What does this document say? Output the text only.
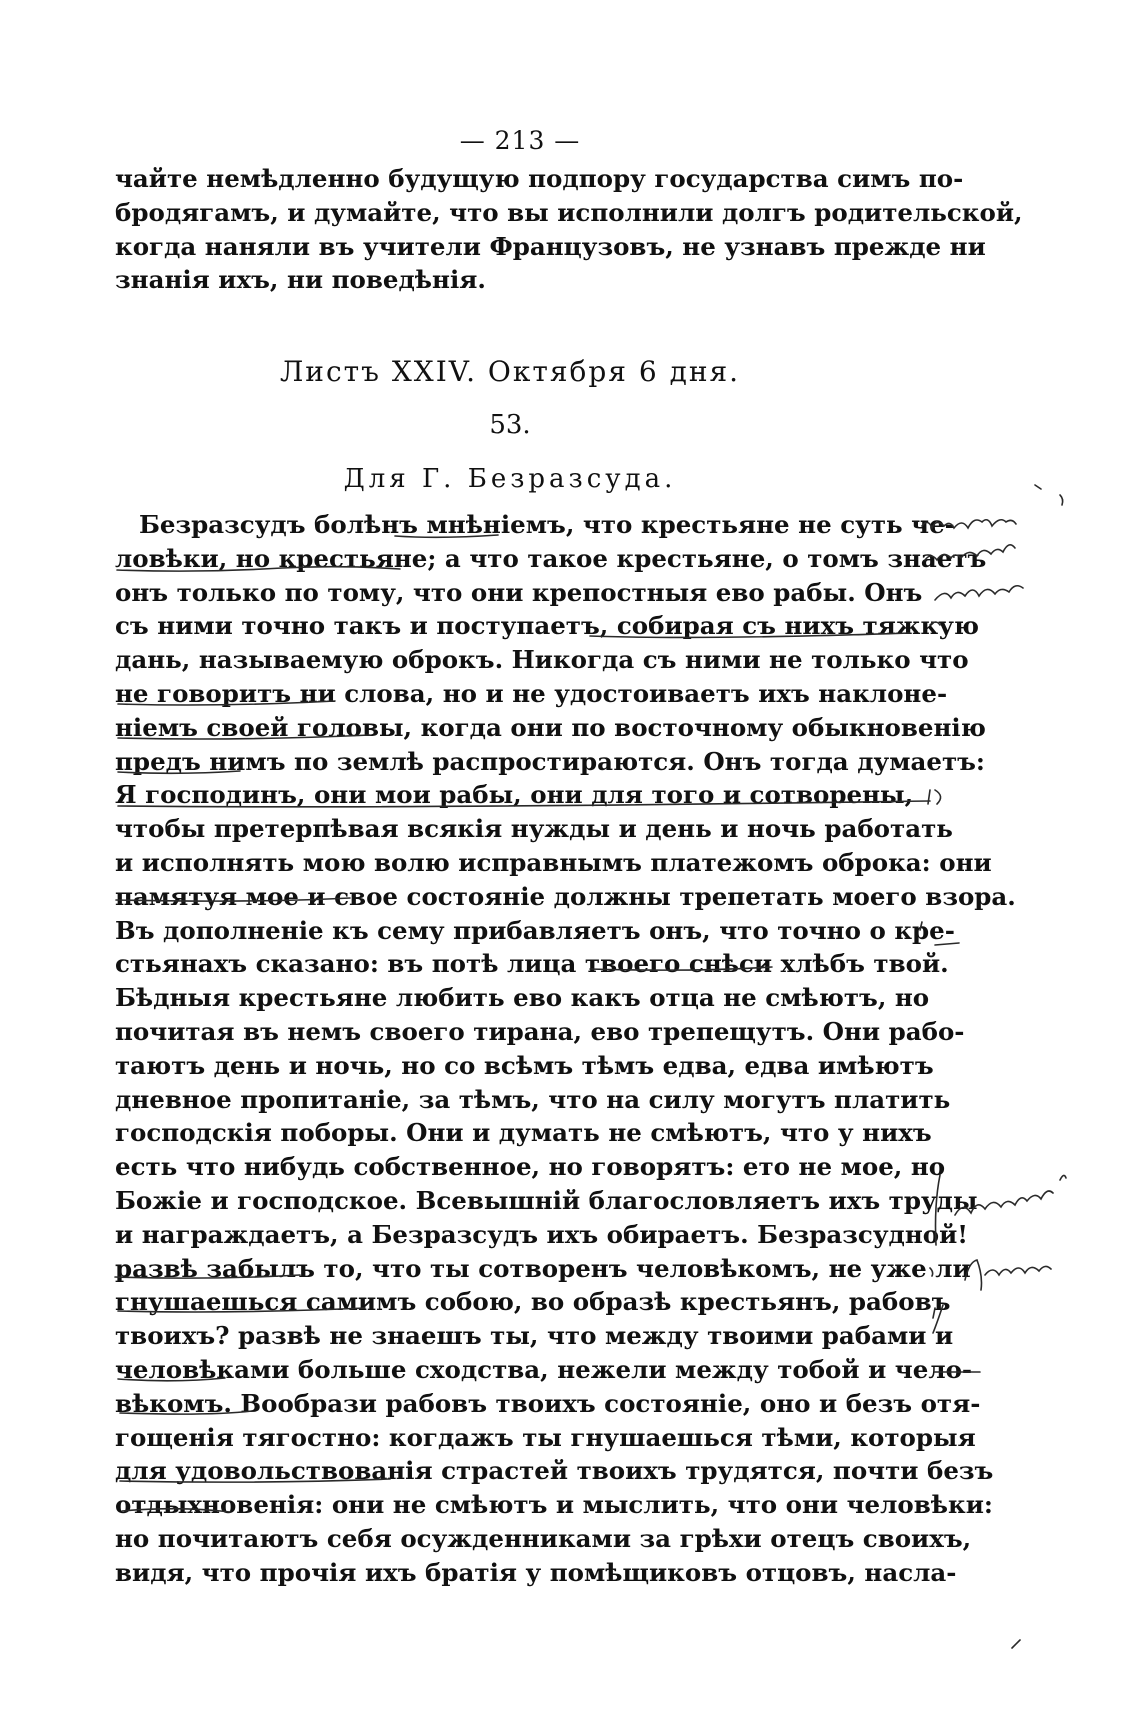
— 213 —
чайте немѣдленно будущую подпору государства симъ по-
бродягамъ, и думайте, что вы исполнили долгъ родительской,
когда наняли въ учители Французовъ, не узнавъ прежде ни
знанія ихъ, ни поведѣнія.
Листъ XXIV. Октября 6 дня.
53.
Для Г. Безразсуда.
Безразсудъ болѣнъ мнѣніемъ, что крестьяне не суть че-
ловѣки, но крестьяне; а что такое крестьяне, о томъ знаетъ
онъ только по тому, что они крепостныя ево рабы. Онъ
съ ними точно такъ и поступаетъ, собирая съ нихъ тяжкую
дань, называемую оброкъ. Никогда съ ними не только что
не говоритъ ни слова, но и не удостоиваетъ ихъ наклоне-
ніемъ своей головы, когда они по восточному обыкновенію
предъ нимъ по землѣ распростираются. Онъ тогда думаетъ:
Я господинъ, они мои рабы, они для того и сотворены,
чтобы претерпѣвая всякія нужды и день и ночь работать
и исполнять мою волю исправнымъ платежомъ оброка: они
памятуя мое и свое состояніе должны трепетать моего взора.
Въ дополненіе къ сему прибавляетъ онъ, что точно о кре-
стьянахъ сказано: въ потѣ лица твоего снѣси хлѣбъ твой.
Бѣдныя крестьяне любить ево какъ отца не смѣютъ, но
почитая въ немъ своего тирана, ево трепещутъ. Они рабо-
таютъ день и ночь, но со всѣмъ тѣмъ едва, едва имѣютъ
дневное пропитаніе, за тѣмъ, что на силу могутъ платить
господскія поборы. Они и думать не смѣютъ, что у нихъ
есть что нибудь собственное, но говорятъ: ето не мое, но
Божіе и господское. Всевышній благословляетъ ихъ труды
и награждаетъ, а Безразсудъ ихъ обираетъ. Безразсудной!
развѣ забылъ то, что ты сотворенъ человѣкомъ, не уже ли
гнушаешься самимъ собою, во образѣ крестьянъ, рабовъ
твоихъ? развѣ не знаешъ ты, что между твоими рабами и
человѣками больше сходства, нежели между тобой и чело-
вѣкомъ. Вообрази рабовъ твоихъ состояніе, оно и безъ отя-
гощенія тягостно: когдажъ ты гнушаешься тѣми, которыя
для удовольствованія страстей твоихъ трудятся, почти безъ
отдыхновенія: они не смѣютъ и мыслить, что они человѣки:
но почитаютъ себя осужденниками за грѣхи отецъ своихъ,
видя, что прочія ихъ братія у помѣщиковъ отцовъ, насла-
